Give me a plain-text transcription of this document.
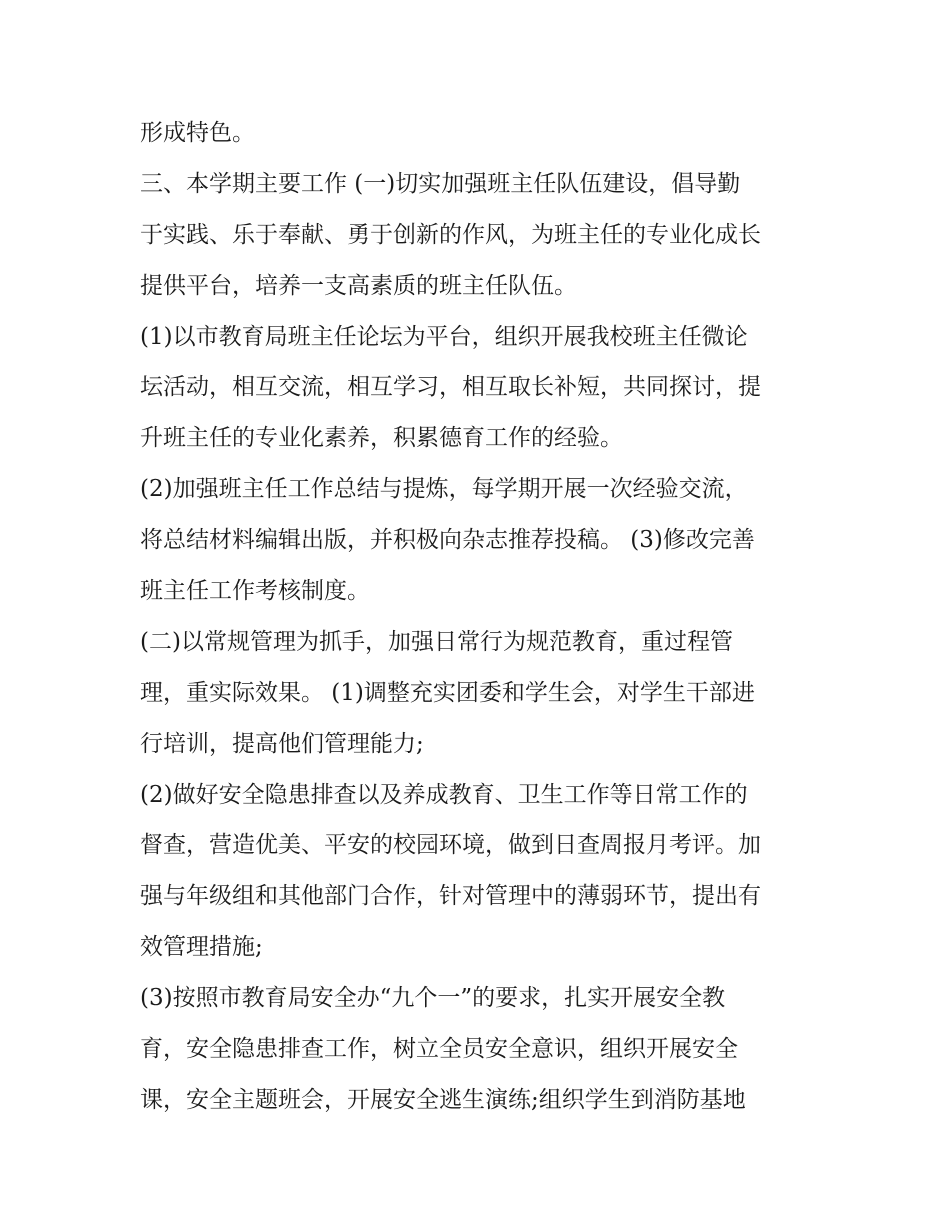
形成特色。
三、本学期主要工作 (一)切实加强班主任队伍建设，倡导勤
于实践、乐于奉献、勇于创新的作风，为班主任的专业化成长
提供平台，培养一支高素质的班主任队伍。
(1)以市教育局班主任论坛为平台，组织开展我校班主任微论
坛活动，相互交流，相互学习，相互取长补短，共同探讨，提
升班主任的专业化素养，积累德育工作的经验。
(2)加强班主任工作总结与提炼，每学期开展一次经验交流，
将总结材料编辑出版，并积极向杂志推荐投稿。 (3)修改完善
班主任工作考核制度。
(二)以常规管理为抓手，加强日常行为规范教育，重过程管
理，重实际效果。 (1)调整充实团委和学生会，对学生干部进
行培训，提高他们管理能力;
(2)做好安全隐患排查以及养成教育、卫生工作等日常工作的
督查，营造优美、平安的校园环境，做到日查周报月考评。加
强与年级组和其他部门合作，针对管理中的薄弱环节，提出有
效管理措施;
(3)按照市教育局安全办“九个一”的要求，扎实开展安全教
育，安全隐患排查工作，树立全员安全意识，组织开展安全
课，安全主题班会，开展安全逃生演练;组织学生到消防基地
